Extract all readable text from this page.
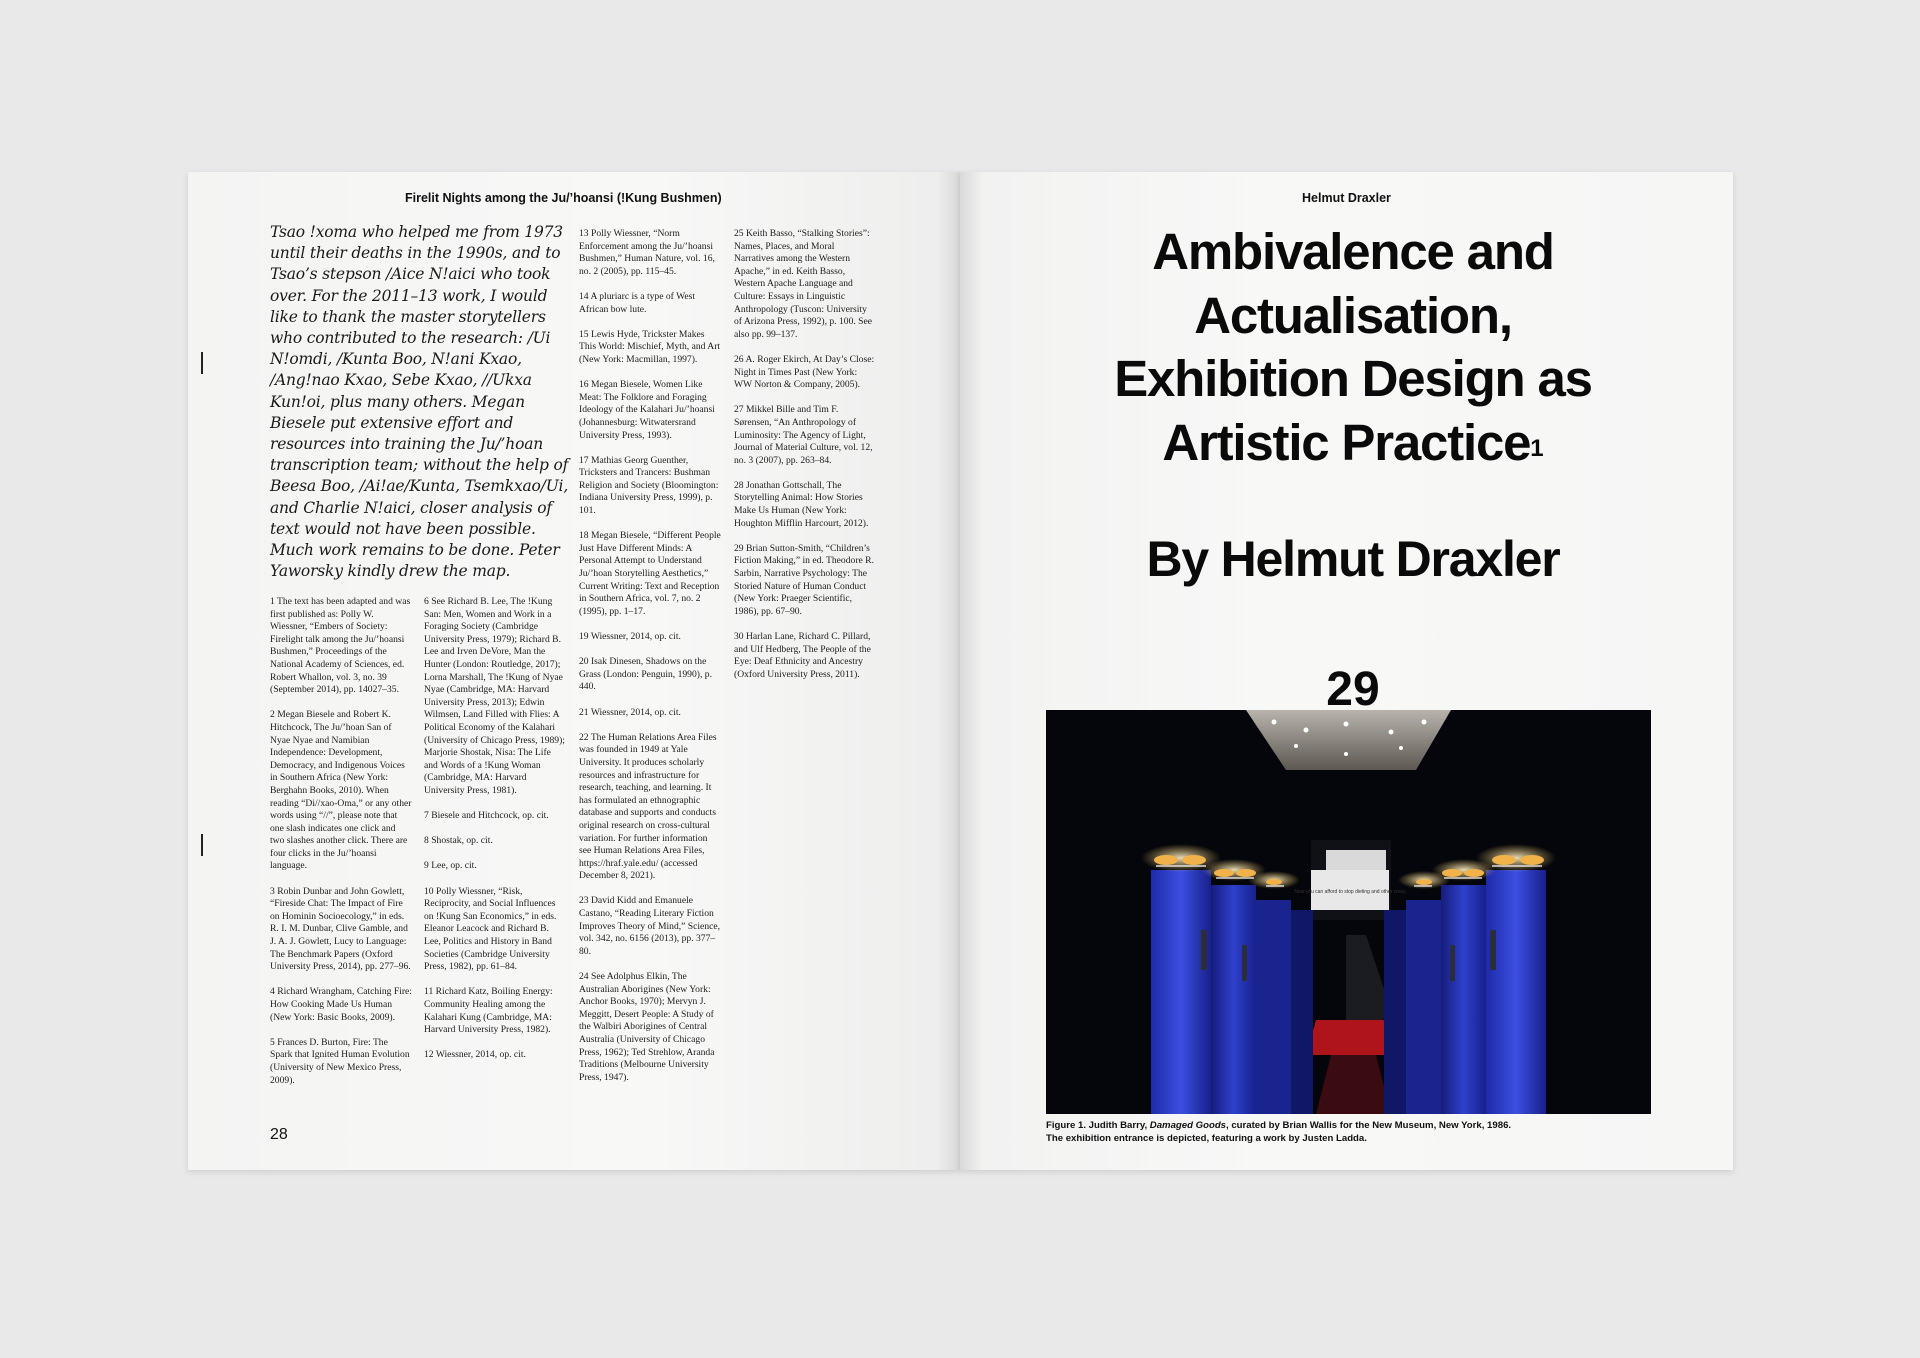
Firelit Nights among the Ju/’hoansi (!Kung Bushmen)
Tsao !xoma who helped me from 1973 until their deaths in the 1990s, and to Tsao’s stepson /Aice N!aici who took over. For the 2011–13 work, I would like to thank the master storytellers who contributed to the research: /Ui N!omdi, /Kunta Boo, N!ani Kxao, /Ang!nao Kxao, Sebe Kxao, //Ukxa Kun!oi, plus many others. Megan Biesele put extensive effort and resources into training the Ju/’hoan transcription team; without the help of Beesa Boo, /Ai!ae/Kunta, Tsemkxao/Ui, and Charlie N!aici, closer analysis of text would not have been possible. Much work remains to be done. Peter Yaworsky kindly drew the map.
1 The text has been adapted and was first published as: Polly W. Wiessner, “Embers of Society: Firelight talk among the Ju/’hoansi Bushmen,” Proceedings of the National Academy of Sciences, ed. Robert Whallon, vol. 3, no. 39 (September 2014), pp. 14027–35.
2 Megan Biesele and Robert K. Hitchcock, The Ju/’hoan San of Nyae Nyae and Namibian Independence: Development, Democracy, and Indigenous Voices in Southern Africa (New York: Berghahn Books, 2010). When reading “Di//xao-Oma,” or any other words using “//”, please note that one slash indicates one click and two slashes another click. There are four clicks in the Ju/’hoansi language.
3 Robin Dunbar and John Gowlett, “Fireside Chat: The Impact of Fire on Hominin Socioecology,” in eds. R. I. M. Dunbar, Clive Gamble, and J. A. J. Gowlett, Lucy to Language: The Benchmark Papers (Oxford University Press, 2014), pp. 277–96.
4 Richard Wrangham, Catching Fire: How Cooking Made Us Human (New York: Basic Books, 2009).
5 Frances D. Burton, Fire: The Spark that Ignited Human Evolution (University of New Mexico Press, 2009).
6 See Richard B. Lee, The !Kung San: Men, Women and Work in a Foraging Society (Cambridge University Press, 1979); Richard B. Lee and Irven DeVore, Man the Hunter (London: Routledge, 2017); Lorna Marshall, The !Kung of Nyae Nyae (Cambridge, MA: Harvard University Press, 2013); Edwin Wilmsen, Land Filled with Flies: A Political Economy of the Kalahari (University of Chicago Press, 1989); Marjorie Shostak, Nisa: The Life and Words of a !Kung Woman (Cambridge, MA: Harvard University Press, 1981).
7 Biesele and Hitchcock, op. cit.
8 Shostak, op. cit.
9 Lee, op. cit.
10 Polly Wiessner, “Risk, Reciprocity, and Social Influences on !Kung San Economics,” in eds. Eleanor Leacock and Richard B. Lee, Politics and History in Band Societies (Cambridge University Press, 1982), pp. 61–84.
11 Richard Katz, Boiling Energy: Community Healing among the Kalahari Kung (Cambridge, MA: Harvard University Press, 1982).
12 Wiessner, 2014, op. cit.
13 Polly Wiessner, “Norm Enforcement among the Ju/’hoansi Bushmen,” Human Nature, vol. 16, no. 2 (2005), pp. 115–45.
14 A pluriarc is a type of West African bow lute.
15 Lewis Hyde, Trickster Makes This World: Mischief, Myth, and Art (New York: Macmillan, 1997).
16 Megan Biesele, Women Like Meat: The Folklore and Foraging Ideology of the Kalahari Ju/’hoansi (Johannesburg: Witwatersrand University Press, 1993).
17 Mathias Georg Guenther, Tricksters and Trancers: Bushman Religion and Society (Bloomington: Indiana University Press, 1999), p. 101.
18 Megan Biesele, “Different People Just Have Different Minds: A Personal Attempt to Understand Ju/’hoan Storytelling Aesthetics,” Current Writing: Text and Reception in Southern Africa, vol. 7, no. 2 (1995), pp. 1–17.
19 Wiessner, 2014, op. cit.
20 Isak Dinesen, Shadows on the Grass (London: Penguin, 1990), p. 440.
21 Wiessner, 2014, op. cit.
22 The Human Relations Area Files was founded in 1949 at Yale University. It produces scholarly resources and infrastructure for research, teaching, and learning. It has formulated an ethnographic database and supports and conducts original research on cross-cultural variation. For further information see Human Relations Area Files, https://hraf.yale.edu/ (accessed December 8, 2021).
23 David Kidd and Emanuele Castano, “Reading Literary Fiction Improves Theory of Mind,” Science, vol. 342, no. 6156 (2013), pp. 377–80.
24 See Adolphus Elkin, The Australian Aborigines (New York: Anchor Books, 1970); Mervyn J. Meggitt, Desert People: A Study of the Walbiri Aborigines of Central Australia (University of Chicago Press, 1962); Ted Strehlow, Aranda Traditions (Melbourne University Press, 1947).
25 Keith Basso, “Stalking Stories”: Names, Places, and Moral Narratives among the Western Apache,” in ed. Keith Basso, Western Apache Language and Culture: Essays in Linguistic Anthropology (Tuscon: University of Arizona Press, 1992), p. 100. See also pp. 99–137.
26 A. Roger Ekirch, At Day’s Close: Night in Times Past (New York: WW Norton & Company, 2005).
27 Mikkel Bille and Tim F. Sørensen, “An Anthropology of Luminosity: The Agency of Light, Journal of Material Culture, vol. 12, no. 3 (2007), pp. 263–84.
28 Jonathan Gottschall, The Storytelling Animal: How Stories Make Us Human (New York: Houghton Mifflin Harcourt, 2012).
29 Brian Sutton-Smith, “Children’s Fiction Making,” in ed. Theodore R. Sarbin, Narrative Psychology: The Storied Nature of Human Conduct (New York: Praeger Scientific, 1986), pp. 67–90.
30 Harlan Lane, Richard C. Pillard, and Ulf Hedberg, The People of the Eye: Deaf Ethnicity and Ancestry (Oxford University Press, 2011).
28
Helmut Draxler
Ambivalence and
Actualisation,
Exhibition Design as
Artistic Practice$^1$
By Helmut Draxler
29
Now you can afford to stop dieting and other crazy
Figure 1. Judith Barry, Damaged Goods, curated by Brian Wallis for the New Museum, New York, 1986.
The exhibition entrance is depicted, featuring a work by Justen Ladda.
